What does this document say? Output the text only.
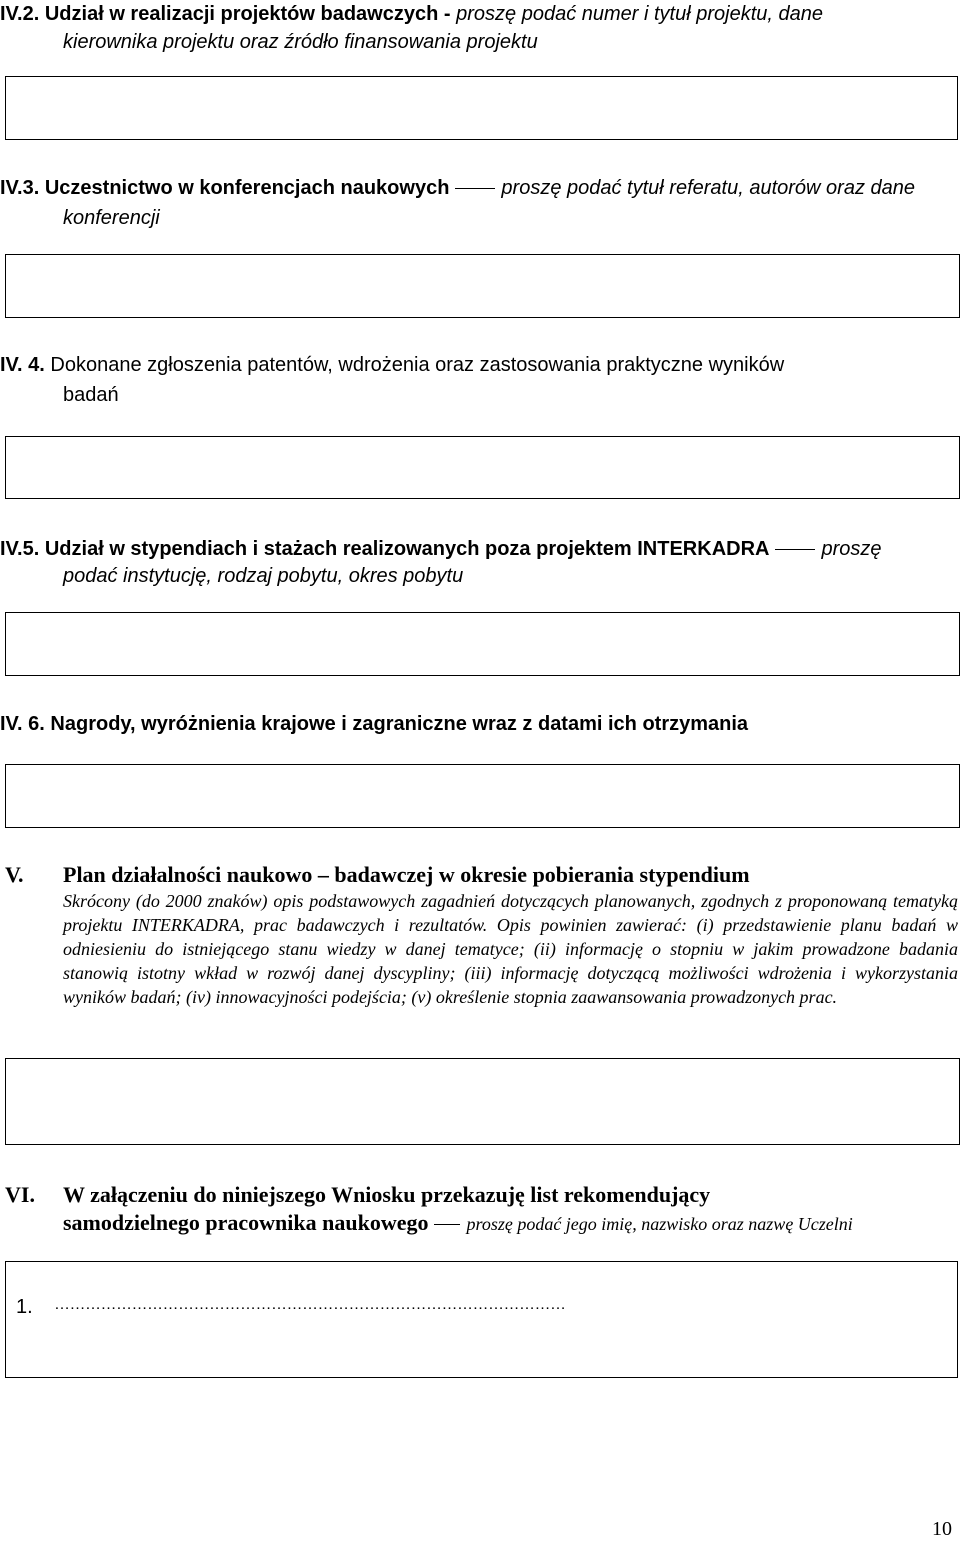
IV.2. Udział w realizacji projektów badawczych - proszę podać numer i tytuł projektu, dane
kierownika projektu oraz źródło finansowania projektu
IV.3. Uczestnictwo w konferencjach naukowych	proszę podać tytuł referatu, autorów oraz dane
konferencji
IV. 4. Dokonane zgłoszenia patentów, wdrożenia oraz zastosowania praktyczne wyników
badań
IV.5. Udział w stypendiach i stażach realizowanych poza projektem INTERKADRA	proszę
podać instytucję, rodzaj pobytu, okres pobytu
IV. 6. Nagrody, wyróżnienia krajowe i zagraniczne wraz z datami ich otrzymania
V. Plan działalności naukowo – badawczej w okresie pobierania stypendium
Skrócony (do 2000 znaków) opis podstawowych zagadnień dotyczących planowanych, zgodnych z proponowaną tematyką projektu INTERKADRA, prac badawczych i rezultatów. Opis powinien zawierać: (i) przedstawienie planu badań w odniesieniu do istniejącego stanu wiedzy w danej tematyce; (ii) informację o stopniu w jakim prowadzone badania stanowią istotny wkład w rozwój danej dyscypliny; (iii) informację dotyczącą możliwości wdrożenia i wykorzystania wyników badań; (iv) innowacyjności podejścia; (v) określenie stopnia zaawansowania prowadzonych prac.
VI. W załączeniu do niniejszego Wniosku przekazuję list rekomendujący
samodzielnego pracownika naukowego proszę podać jego imię, nazwisko oraz nazwę Uczelni
1. ………………………………………………………………………………………
10
